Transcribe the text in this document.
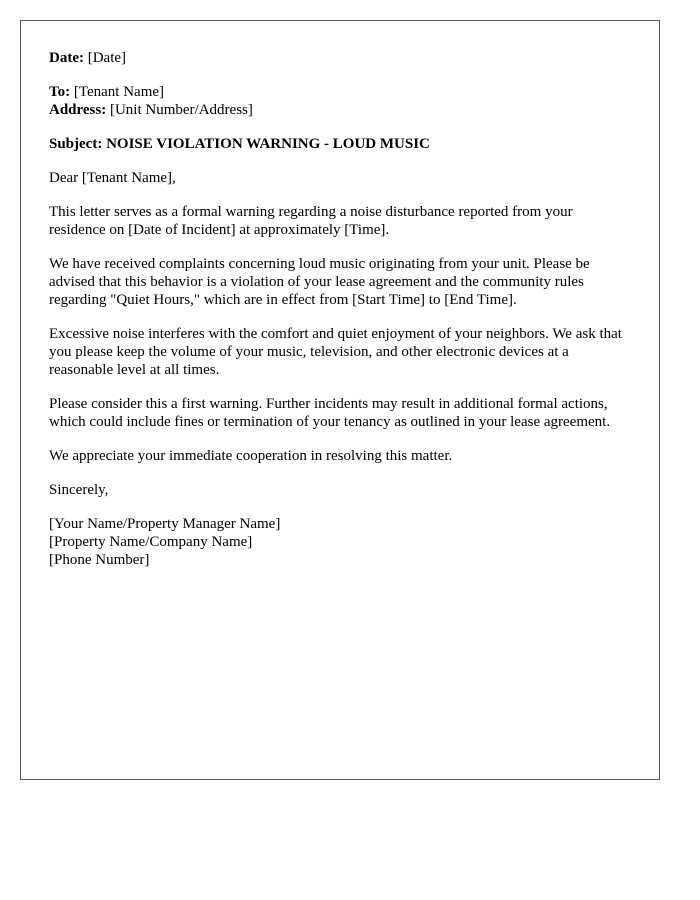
Date: [Date]

To: [Tenant Name]

Address: [Unit Number/Address]

Subject: NOISE VIOLATION WARNING - LOUD MUSIC

Dear [Tenant Name],

This letter serves as a formal warning regarding a noise disturbance reported from your residence on [Date of Incident] at approximately [Time].

We have received complaints concerning loud music originating from your unit. Please be advised that this behavior is a violation of your lease agreement and the community rules regarding "Quiet Hours," which are in effect from [Start Time] to [End Time].

Excessive noise interferes with the comfort and quiet enjoyment of your neighbors. We ask that you please keep the volume of your music, television, and other electronic devices at a reasonable level at all times.

Please consider this a first warning. Further incidents may result in additional formal actions, which could include fines or termination of your tenancy as outlined in your lease agreement.

We appreciate your immediate cooperation in resolving this matter.

Sincerely,

[Your Name/Property Manager Name]
[Property Name/Company Name]
[Phone Number]
